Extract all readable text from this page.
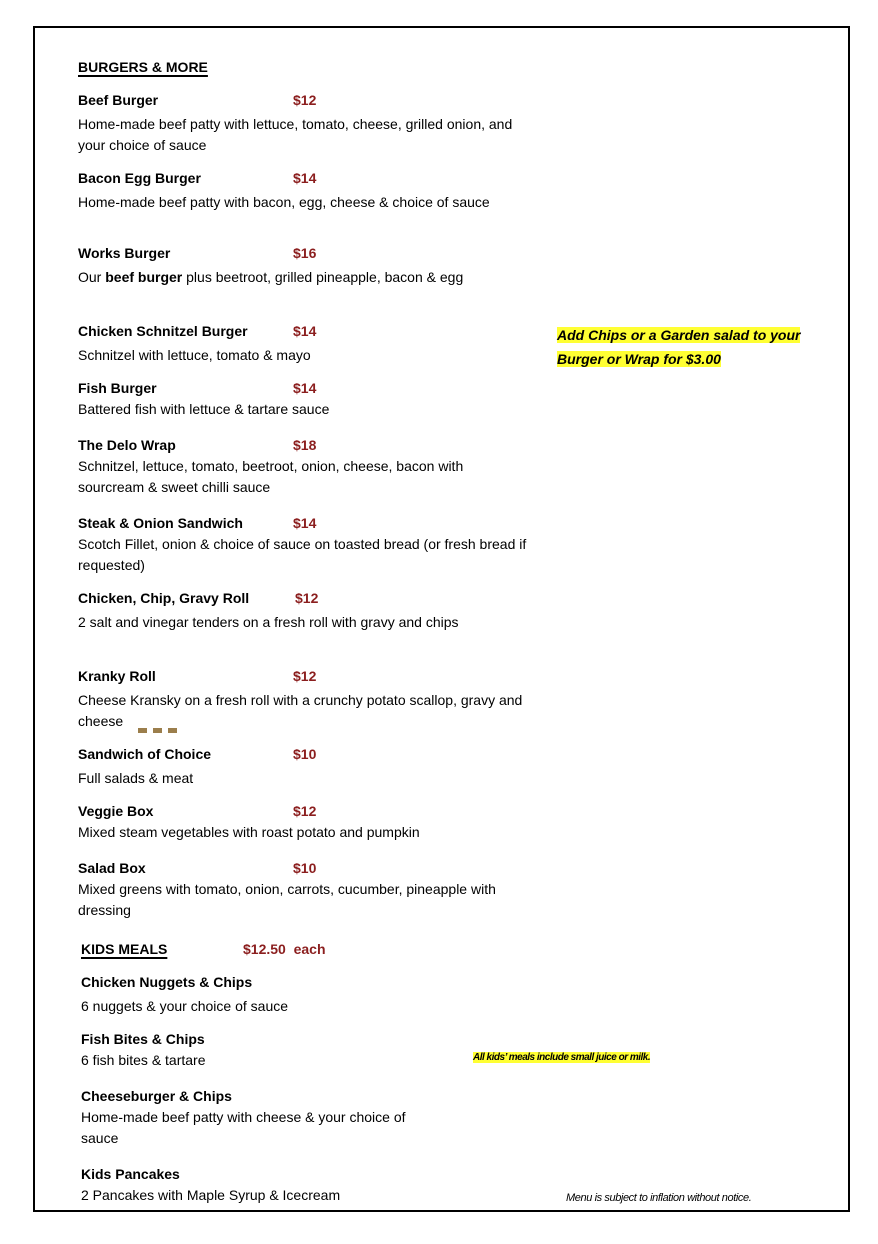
BURGERS & MORE
Beef Burger	$12
Home-made beef patty with lettuce, tomato, cheese, grilled onion, and your choice of sauce
Bacon Egg Burger	$14
Home-made beef patty with bacon, egg, cheese & choice of sauce
Works Burger	$16
Our beef burger plus beetroot, grilled pineapple, bacon & egg
Chicken Schnitzel Burger	$14
Schnitzel with lettuce, tomato & mayo
Add Chips or a Garden salad to your Burger or Wrap for $3.00
Fish Burger	$14
Battered fish with lettuce & tartare sauce
The Delo Wrap	$18
Schnitzel, lettuce, tomato, beetroot, onion, cheese, bacon with sourcream & sweet chilli sauce
Steak & Onion Sandwich	$14
Scotch Fillet, onion & choice of sauce on toasted bread (or fresh bread if requested)
Chicken, Chip, Gravy Roll	$12
2 salt and vinegar tenders on a fresh roll with gravy and chips
Kranky Roll	$12
Cheese Kransky on a fresh roll with a crunchy potato scallop, gravy and cheese
Sandwich of Choice	$10
Full salads & meat
Veggie Box	$12
Mixed steam vegetables with roast potato and pumpkin
Salad Box	$10
Mixed greens with tomato, onion, carrots, cucumber, pineapple with dressing
KIDS MEALS	$12.50  each
Chicken Nuggets & Chips
6 nuggets & your choice of sauce
Fish Bites & Chips
6 fish bites & tartare	All kids’ meals include small juice or milk.
Cheeseburger & Chips
Home-made beef patty with cheese & your choice of sauce
Kids Pancakes
2 Pancakes with Maple Syrup & Icecream	Menu is subject to inflation without notice.
